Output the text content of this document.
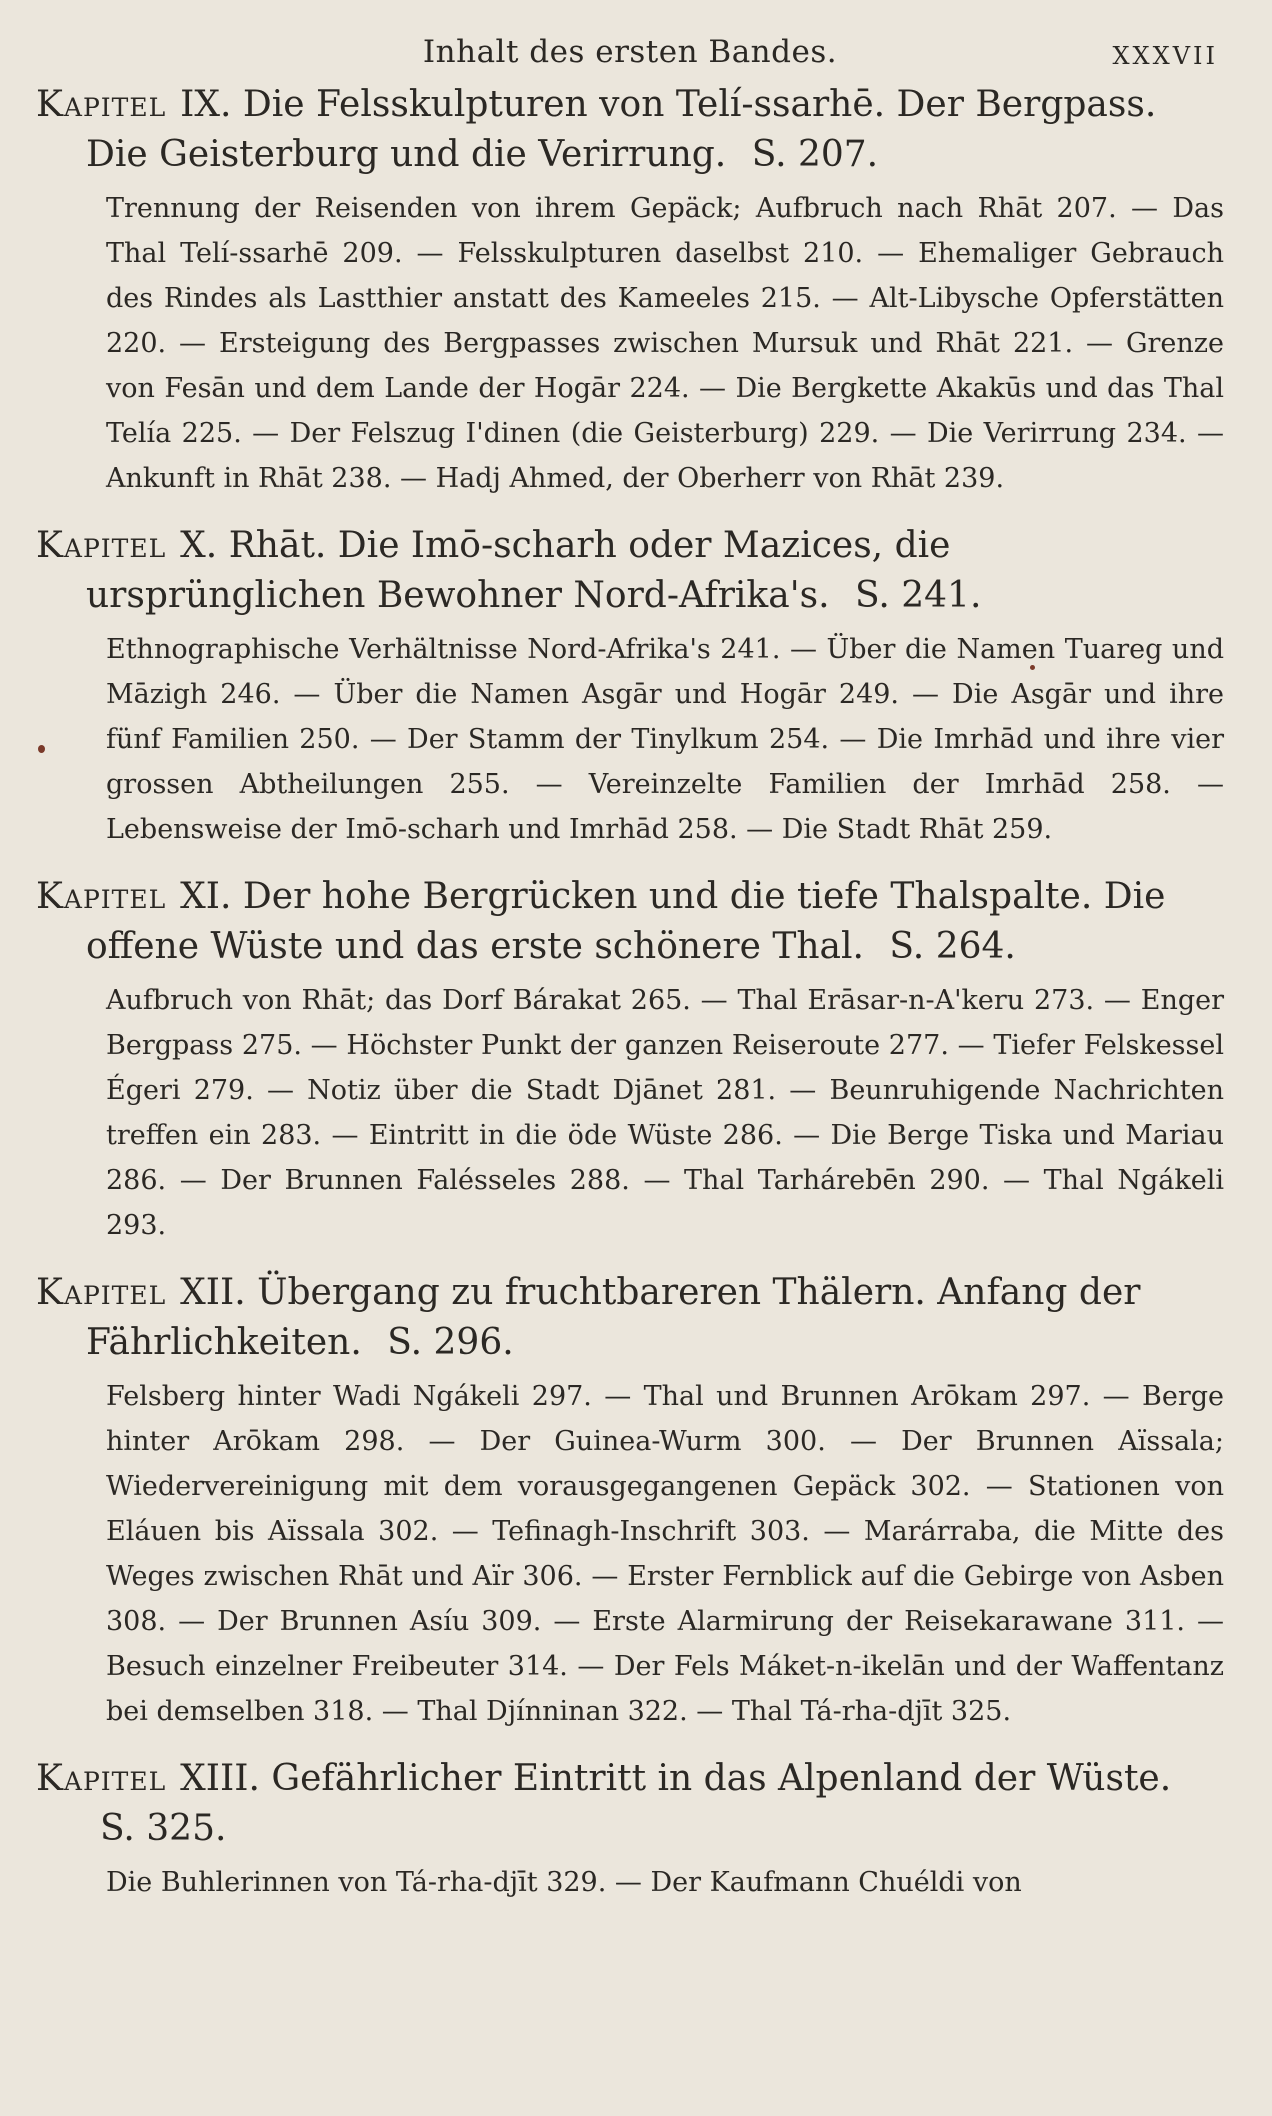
Inhalt des ersten Bandes.	XXXVII

Kapitel IX. Die Felsskulpturen von Telí-ssarhē. Der Bergpass. Die Geisterburg und die Verirrung. S. 207.

Trennung der Reisenden von ihrem Gepäck; Aufbruch nach Rhāt 207. — Das Thal Telí-ssarhē 209. — Felsskulpturen daselbst 210. — Ehemaliger Gebrauch des Rindes als Lastthier anstatt des Kameeles 215. — Alt-Libysche Opferstätten 220. — Ersteigung des Bergpasses zwischen Mursuk und Rhāt 221. — Grenze von Fesān und dem Lande der Hogār 224. — Die Bergkette Akakūs und das Thal Telía 225. — Der Felszug I'dinen (die Geisterburg) 229. — Die Verirrung 234. — Ankunft in Rhāt 238. — Hadj Ahmed, der Oberherr von Rhāt 239.

Kapitel X. Rhāt. Die Imō-scharh oder Mazices, die ursprünglichen Bewohner Nord-Afrika's. S. 241.

Ethnographische Verhältnisse Nord-Afrika's 241. — Über die Namen Tuareg und Māzigh 246. — Über die Namen Asgār und Hogār 249. — Die Asgār und ihre fünf Familien 250. — Der Stamm der Tinylkum 254. — Die Imrhād und ihre vier grossen Abtheilungen 255. — Vereinzelte Familien der Imrhād 258. — Lebensweise der Imō-scharh und Imrhād 258. — Die Stadt Rhāt 259.

Kapitel XI. Der hohe Bergrücken und die tiefe Thalspalte. Die offene Wüste und das erste schönere Thal. S. 264.

Aufbruch von Rhāt; das Dorf Bárakat 265. — Thal Erāsar-n-A'keru 273. — Enger Bergpass 275. — Höchster Punkt der ganzen Reiseroute 277. — Tiefer Felskessel Égeri 279. — Notiz über die Stadt Djānet 281. — Beunruhigende Nachrichten treffen ein 283. — Eintritt in die öde Wüste 286. — Die Berge Tiska und Mariau 286. — Der Brunnen Falésseles 288. — Thal Tarhárebēn 290. — Thal Ngákeli 293.

Kapitel XII. Übergang zu fruchtbareren Thälern. Anfang der Fährlichkeiten. S. 296.

Felsberg hinter Wadi Ngákeli 297. — Thal und Brunnen Arōkam 297. — Berge hinter Arōkam 298. — Der Guinea-Wurm 300. — Der Brunnen Aïssala; Wiedervereinigung mit dem vorausgegangenen Gepäck 302. — Stationen von Eláuen bis Aïssala 302. — Tefinagh-Inschrift 303. — Marárraba, die Mitte des Weges zwischen Rhāt und Aïr 306. — Erster Fernblick auf die Gebirge von Asben 308. — Der Brunnen Asíu 309. — Erste Alarmirung der Reisekarawane 311. — Besuch einzelner Freibeuter 314. — Der Fels Máket-n-ikelān und der Waffentanz bei demselben 318. — Thal Djínninan 322. — Thal Tá-rha-djīt 325.

Kapitel XIII. Gefährlicher Eintritt in das Alpenland der Wüste. S. 325.

Die Buhlerinnen von Tá-rha-djīt 329. — Der Kaufmann Chuéldi von
